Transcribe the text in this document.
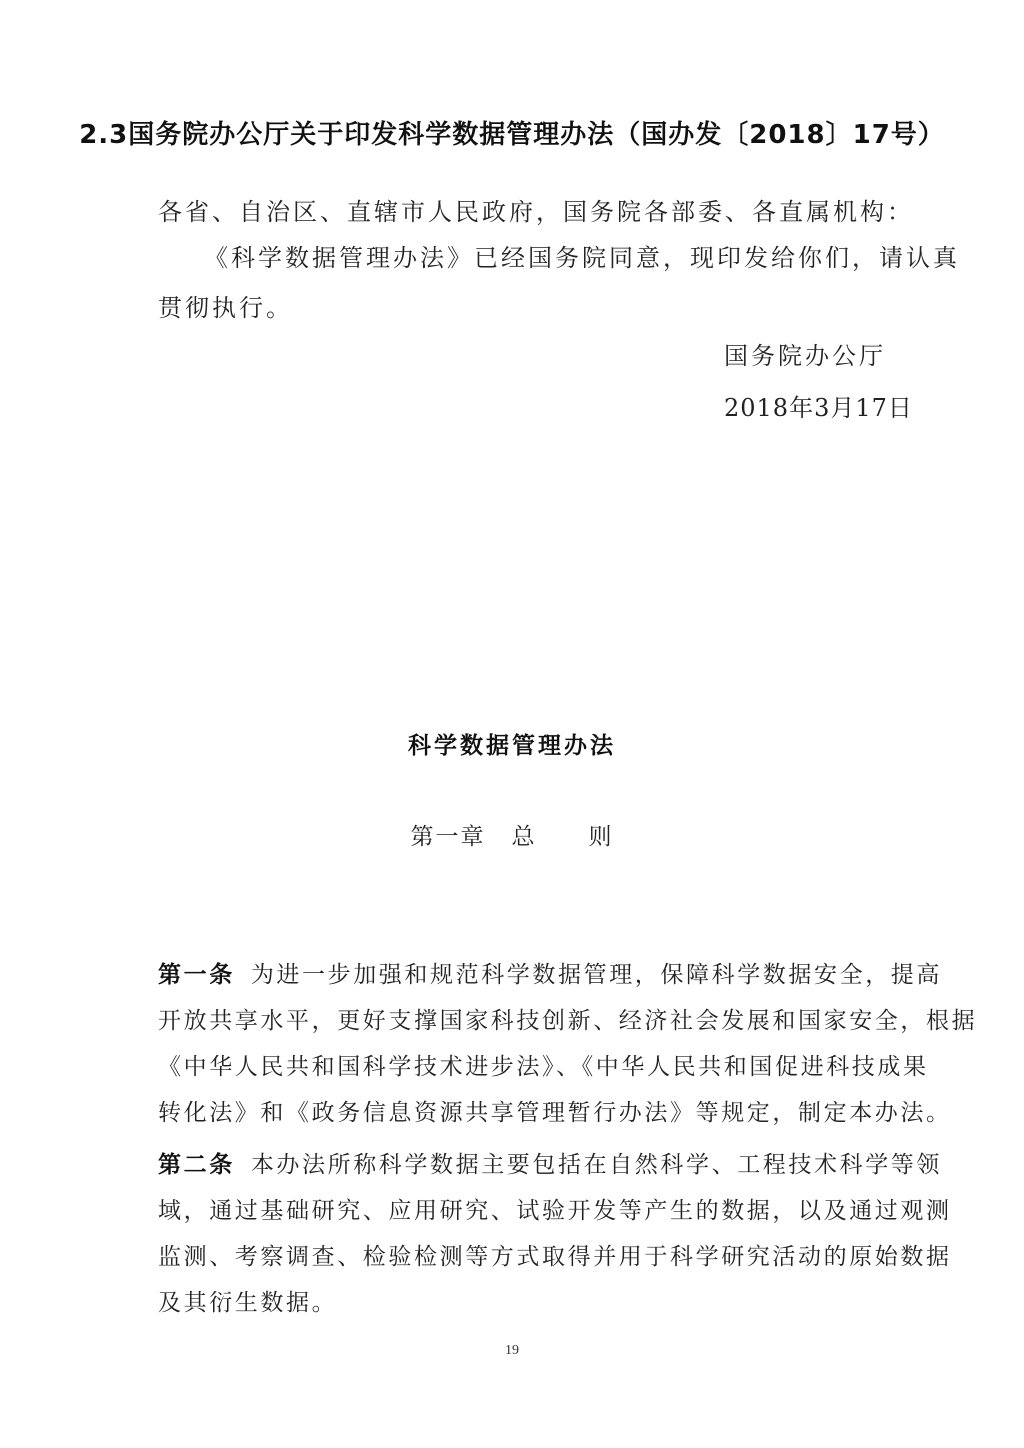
2.3国务院办公厅关于印发科学数据管理办法（国办发〔2018〕17号）
各省、自治区、直辖市人民政府，国务院各部委、各直属机构：
《科学数据管理办法》已经国务院同意，现印发给你们，请认真
贯彻执行。
国务院办公厅
2018年3月17日
科学数据管理办法
第一章 总 则
第一条 为进一步加强和规范科学数据管理，保障科学数据安全，提高
开放共享水平，更好支撑国家科技创新、经济社会发展和国家安全，根据
《中华人民共和国科学技术进步法》、《中华人民共和国促进科技成果
转化法》和《政务信息资源共享管理暂行办法》等规定，制定本办法。
第二条 本办法所称科学数据主要包括在自然科学、工程技术科学等领
域，通过基础研究、应用研究、试验开发等产生的数据，以及通过观测
监测、考察调查、检验检测等方式取得并用于科学研究活动的原始数据
及其衍生数据。
19
